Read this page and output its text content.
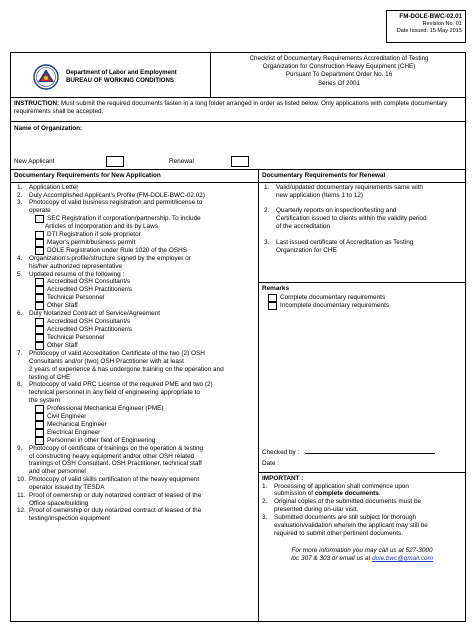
FM-DOLE-BWC-02.01
Revision No. 01
Date Issued: 15 May 2015
Department of Labor and Employment
BUREAU OF WORKING CONDITIONS
Checklist of Documentary Requirements Accreditation of Testing
Organization for Construction Heavy Equipment (CHE)
Pursuant To Department Order No. 16
Series Of 2001
INSTRUCTION: Must submit the required documents fasten in a long folder arranged in order as listed below. Only applications with complete documentary requirements shall be accepted.
Name of Organization:
New Applicant	Renewal
Documentary Requirements for New Application
1.	Application Letter
2.	Duly Accomplished Applicant's Profile (FM-DOLE-BWC-02.02)
3.	Photocopy of valid business registration and permit/license to
operate
SEC Registration if corporation/partnership. To include
Articles of Incorporation and its by Laws
DTI Registration if sole proprietor
Mayor's permit/business permit
DOLE Registration under Rule 1020 of the OSHS
4.	Organization's profile/structure signed by the employer or
his/her authorized representative
5.	Updated resume of the following :
Accredited OSH Consultant/s
Accredited OSH Practitioner/s
Technical Personnel
Other Staff
6.	Duly Notarized Contract of Service/Agreement
Accredited OSH Consultant/s
Accredited OSH Practitioner/s
Technical Personnel
Other Staff
7.	Photocopy of valid Accreditation Certificate of the two (2) OSH
Consultants and/or (two) OSH Practitioner with at least
2 years of experience & has undergone training on the operation and
testing of CHE
8.	Photocopy of valid PRC License of the required PME and two (2)
technical personnel in any field of engineering appropriate to
the system
Professional Mechanical Engineer (PME)
Civil Engineer
Mechanical Engineer
Electrical Engineer
Personnel in other field of Engineering
9.	Photocopy of certificate of trainings on the operation & testing
of constructing heavy equipment and/or other OSH related
trainings of OSH Consultant, OSH Practitioner, technical staff
and other personnel
10. Photocopy of valid skills certification of the heavy equipment
operator issued by TESDA
11. Proof of ownership or duly notarized contract of leased of the
Office space/building
12. Proof of ownership or duly notarized contract of leased of the
testing/inspection equipment
Documentary Requirements for Renewal
1.	Valid/updated documentary requirements same with
new application (Items 1 to 12)
2.	Quarterly reports on inspection/testing and
Certification issued to clients within the validity period
of the accreditation
3.	Last issued certificate of Accreditation as Testing
Organization for CHE
Remarks
Complete documentary requirements
Incomplete documentary requirements
Checked by :
Date :
IMPORTANT :
1.	Processing of application shall commence upon
submission of complete documents.
2.	Original copies of the submitted documents must be
presented during on-ular visit.
3.	Submitted documents are still subject for thorough
evaluation/validation wherein the applicant may still be
required to submit other pertinent documents.
For more information you may call us at 527-3000
loc 307 & 303 or email us at dole.bwc@gmail.com
